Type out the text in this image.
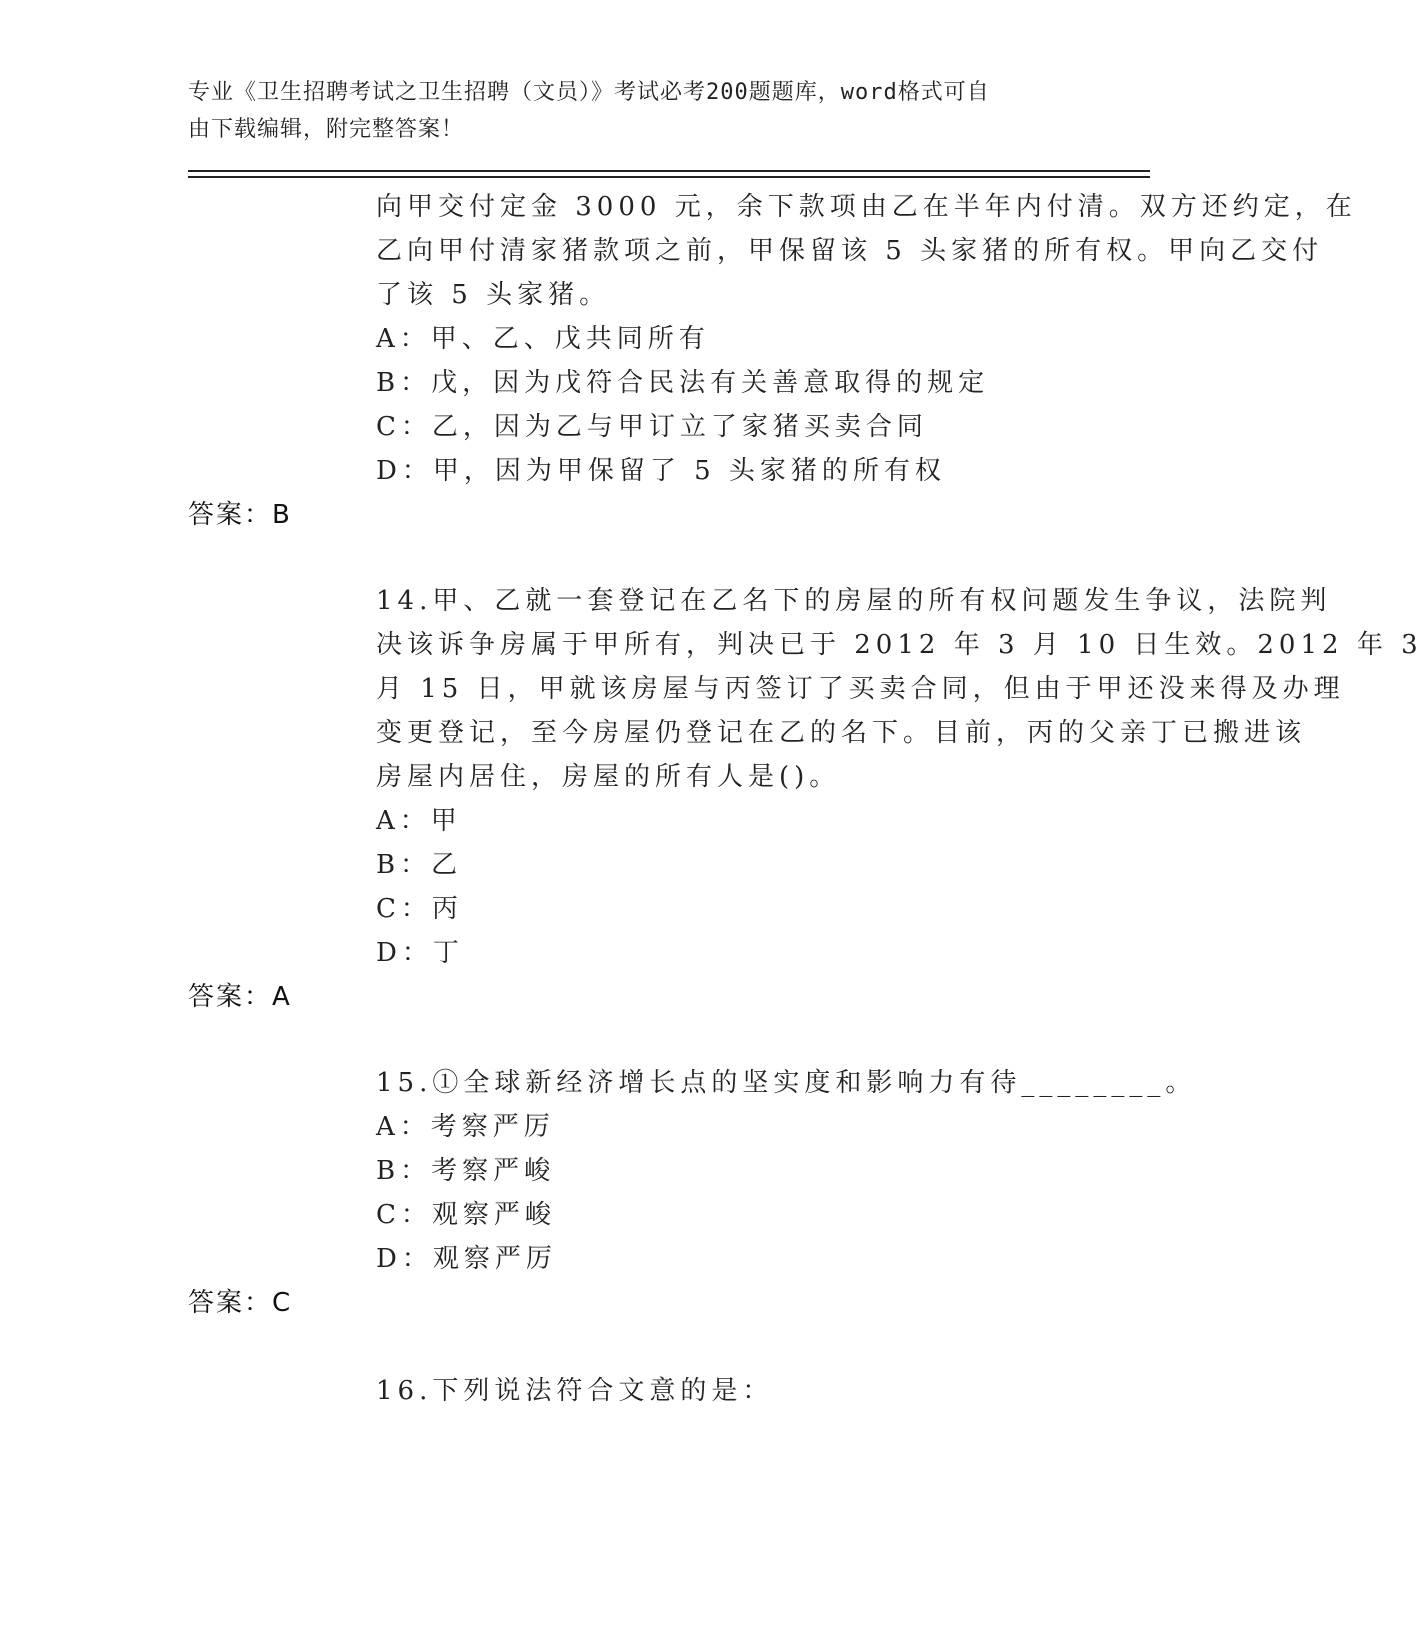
专业《卫生招聘考试之卫生招聘（文员）》考试必考200题题库，word格式可自
由下载编辑，附完整答案！
向甲交付定金 3000 元，余下款项由乙在半年内付清。双方还约定，在
乙向甲付清家猪款项之前，甲保留该 5 头家猪的所有权。甲向乙交付
了该 5 头家猪。
A：甲、乙、戊共同所有
B：戊，因为戊符合民法有关善意取得的规定
C：乙，因为乙与甲订立了家猪买卖合同
D：甲，因为甲保留了 5 头家猪的所有权
答案：B
14.甲、乙就一套登记在乙名下的房屋的所有权问题发生争议，法院判
决该诉争房属于甲所有，判决已于 2012 年 3 月 10 日生效。2012 年 3
月 15 日，甲就该房屋与丙签订了买卖合同，但由于甲还没来得及办理
变更登记，至今房屋仍登记在乙的名下。目前，丙的父亲丁已搬进该
房屋内居住，房屋的所有人是()。
A：甲
B：乙
C：丙
D：丁
答案：A
15.①全球新经济增长点的坚实度和影响力有待________。
A：考察严厉
B：考察严峻
C：观察严峻
D：观察严厉
答案：C
16.下列说法符合文意的是：
